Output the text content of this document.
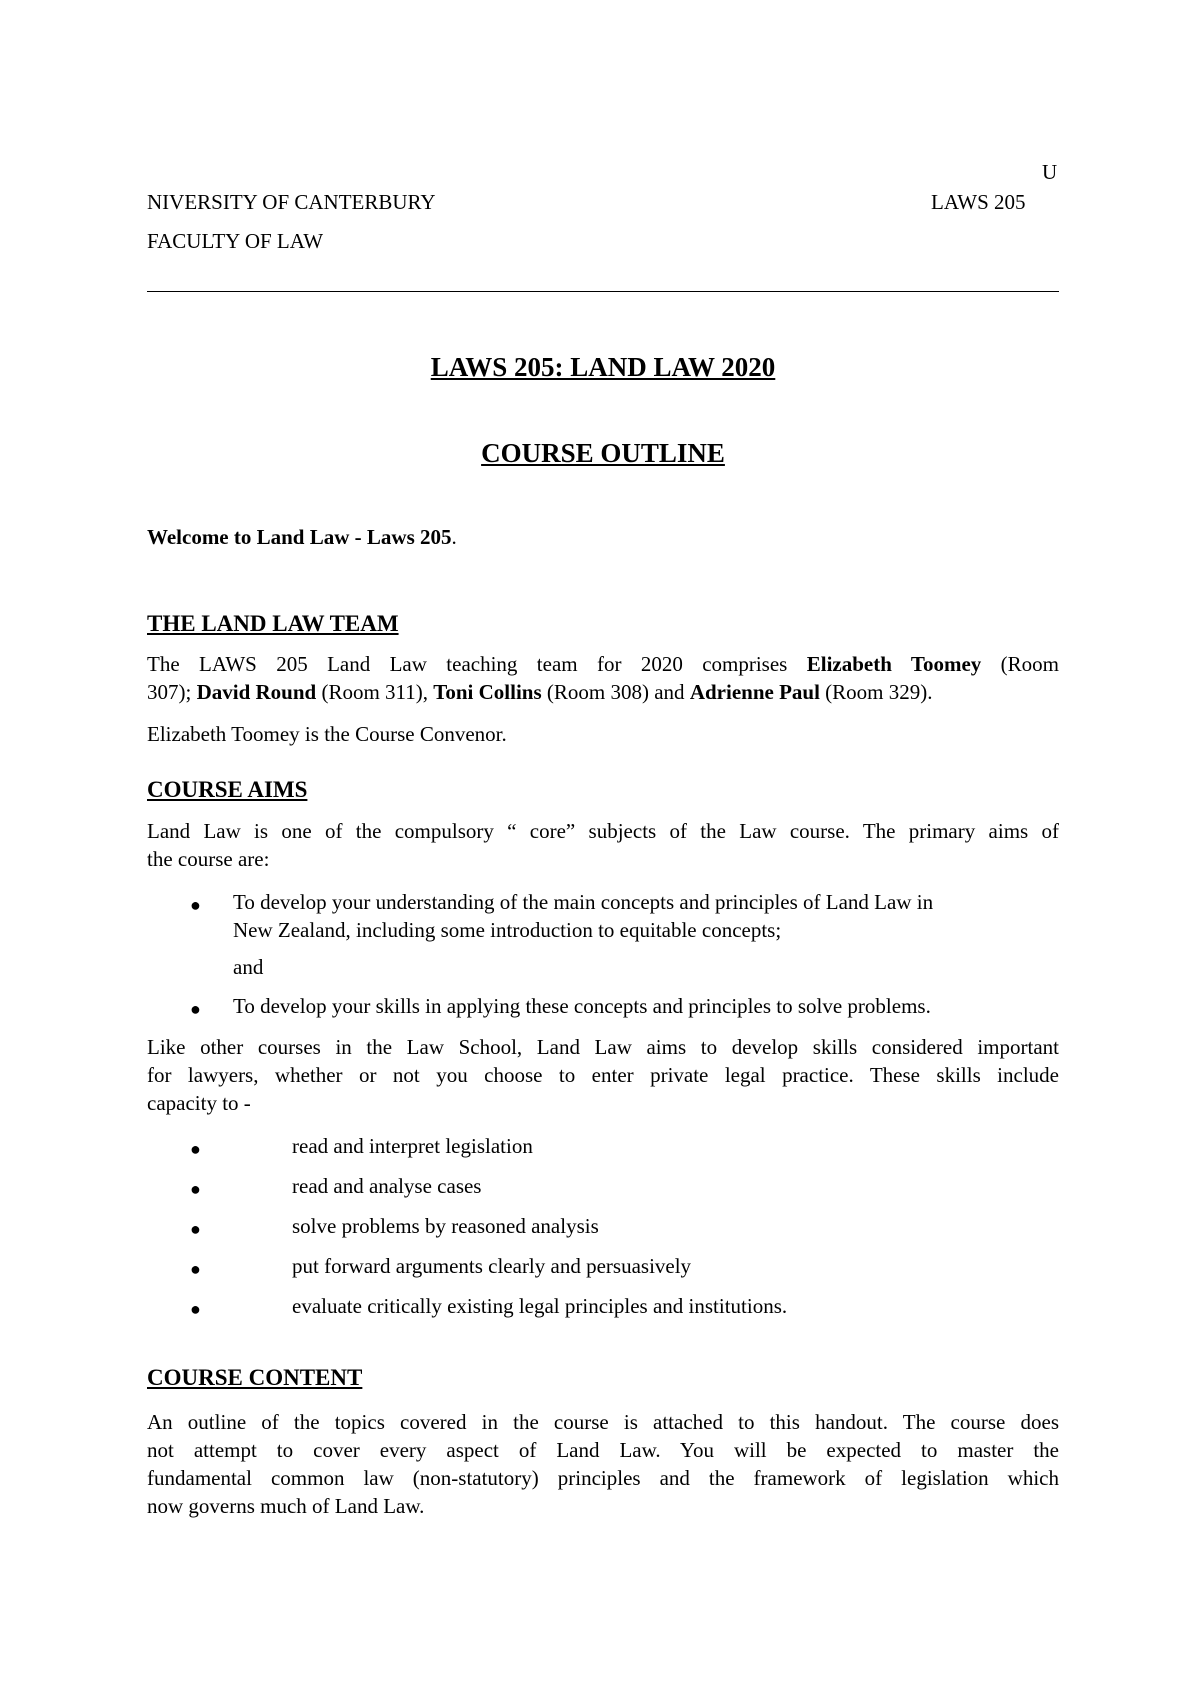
U
NIVERSITY OF CANTERBURY	LAWS 205
FACULTY OF LAW
LAWS 205: LAND LAW 2020
COURSE OUTLINE
Welcome to Land Law - Laws 205.
THE LAND LAW TEAM
The LAWS 205 Land Law teaching team for 2020 comprises Elizabeth Toomey (Room
307); David Round (Room 311), Toni Collins (Room 308) and Adrienne Paul (Room 329).
Elizabeth Toomey is the Course Convenor.
COURSE AIMS
Land Law is one of the compulsory “ core” subjects of the Law course. The primary aims of
the course are:
● To develop your understanding of the main concepts and principles of Land Law in
New Zealand, including some introduction to equitable concepts;
and
● To develop your skills in applying these concepts and principles to solve problems.
Like other courses in the Law School, Land Law aims to develop skills considered important
for lawyers, whether or not you choose to enter private legal practice. These skills include
capacity to -
●	read and interpret legislation
●	read and analyse cases
●	solve problems by reasoned analysis
●	put forward arguments clearly and persuasively
●	evaluate critically existing legal principles and institutions.
COURSE CONTENT
An outline of the topics covered in the course is attached to this handout. The course does
not attempt to cover every aspect of Land Law. You will be expected to master the
fundamental common law (non-statutory) principles and the framework of legislation which
now governs much of Land Law.
